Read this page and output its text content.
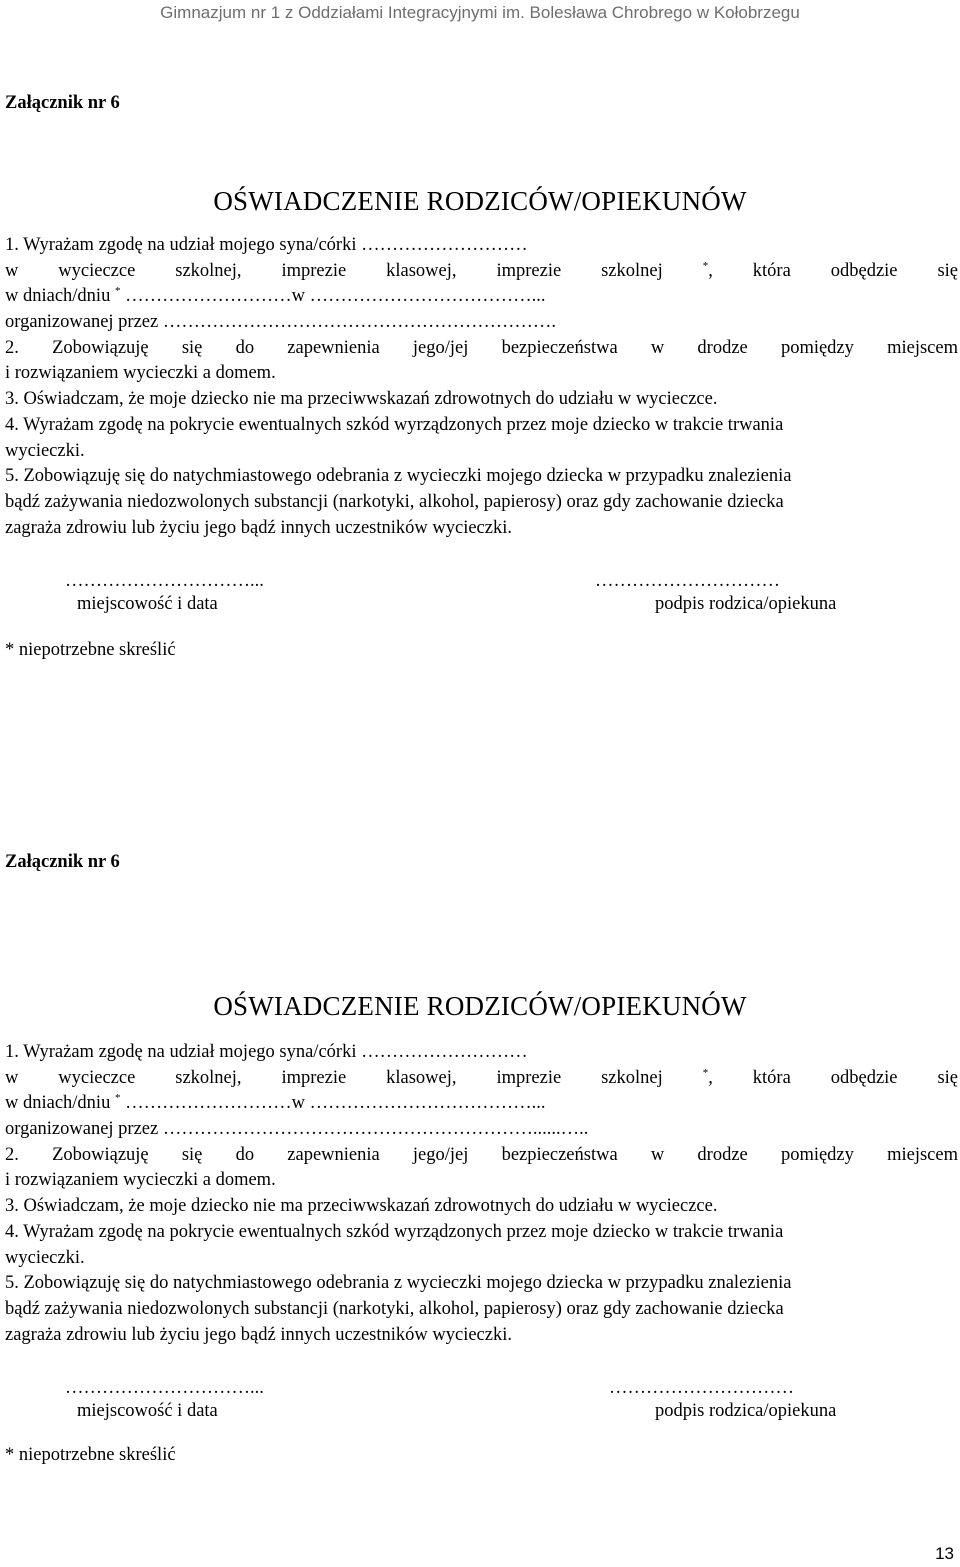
Gimnazjum nr 1 z Oddziałami Integracyjnymi im. Bolesława Chrobrego w Kołobrzegu
Załącznik nr 6
OŚWIADCZENIE RODZICÓW/OPIEKUNÓW
1. Wyrażam zgodę na udział mojego syna/córki ………………………
w wycieczce szkolnej, imprezie klasowej, imprezie szkolnej	*, która odbędzie się
w dniach/dniu * ………………………w ………………………………...
organizowanej przez ……………………………………………………….
2. Zobowiązuję się do zapewnienia jego/jej bezpieczeństwa w drodze pomiędzy miejscem
i rozwiązaniem wycieczki a domem.
3. Oświadczam, że moje dziecko nie ma przeciwwskazań zdrowotnych do udziału w wycieczce.
4. Wyrażam zgodę na pokrycie ewentualnych szkód wyrządzonych przez moje dziecko w trakcie trwania
wycieczki.
5. Zobowiązuję się do natychmiastowego odebrania z wycieczki mojego dziecka w przypadku znalezienia
bądź zażywania niedozwolonych substancji (narkotyki, alkohol, papierosy) oraz gdy zachowanie dziecka
zagraża zdrowiu lub życiu jego bądź innych uczestników wycieczki.
…………………………...
miejscowość i data
…………………………
podpis rodzica/opiekuna
* niepotrzebne skreślić
Załącznik nr 6
OŚWIADCZENIE RODZICÓW/OPIEKUNÓW
1. Wyrażam zgodę na udział mojego syna/córki ………………………
w wycieczce szkolnej, imprezie klasowej, imprezie szkolnej	*, która odbędzie się
w dniach/dniu * ………………………w ………………………………...
organizowanej przez ……………………………………………………......…..
2. Zobowiązuję się do zapewnienia jego/jej bezpieczeństwa w drodze pomiędzy miejscem
i rozwiązaniem wycieczki a domem.
3. Oświadczam, że moje dziecko nie ma przeciwwskazań zdrowotnych do udziału w wycieczce.
4. Wyrażam zgodę na pokrycie ewentualnych szkód wyrządzonych przez moje dziecko w trakcie trwania
wycieczki.
5. Zobowiązuję się do natychmiastowego odebrania z wycieczki mojego dziecka w przypadku znalezienia
bądź zażywania niedozwolonych substancji (narkotyki, alkohol, papierosy) oraz gdy zachowanie dziecka
zagraża zdrowiu lub życiu jego bądź innych uczestników wycieczki.
…………………………...
miejscowość i data
…………………………
podpis rodzica/opiekuna
* niepotrzebne skreślić
13
